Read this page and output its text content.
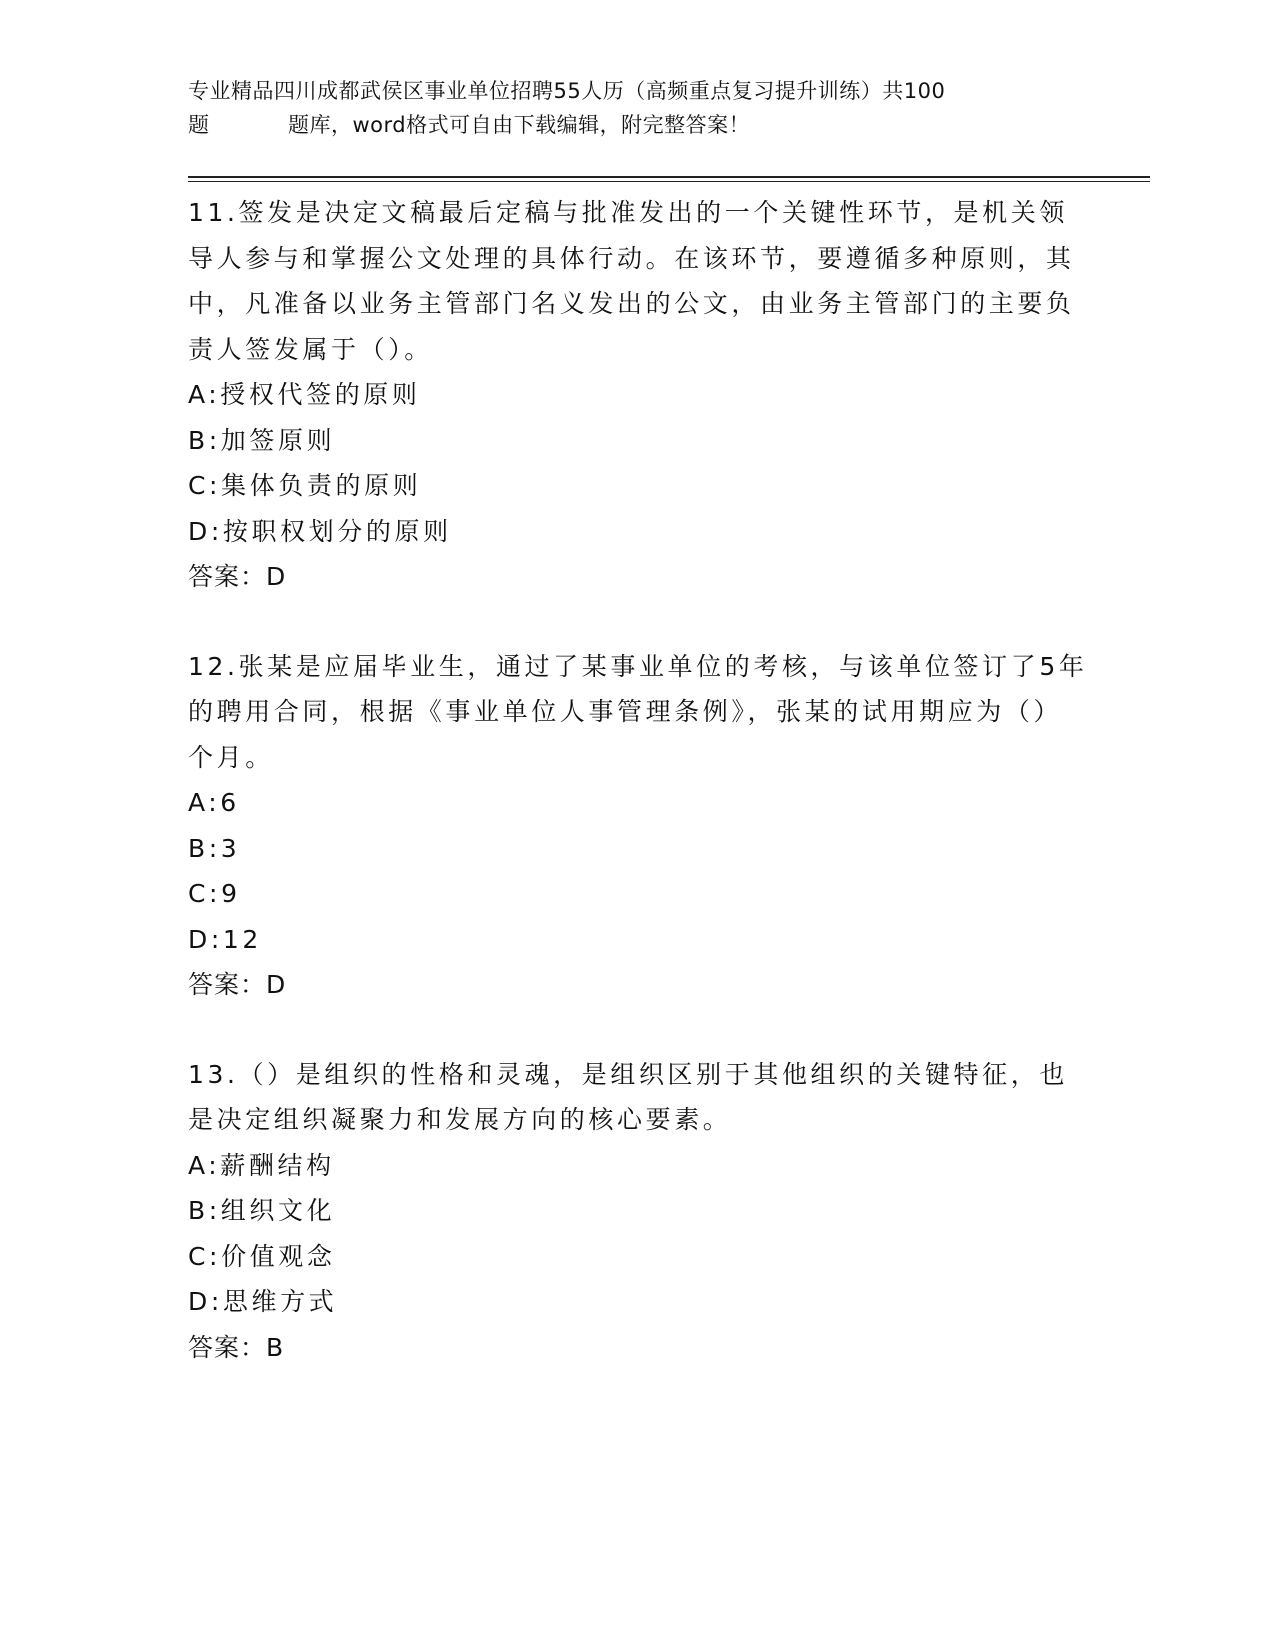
专业精品四川成都武侯区事业单位招聘55人历（高频重点复习提升训练）共100
题	题库，word格式可自由下载编辑，附完整答案！

11.签发是决定文稿最后定稿与批准发出的一个关键性环节，是机关领导人参与和掌握公文处理的具体行动。在该环节，要遵循多种原则，其中，凡准备以业务主管部门名义发出的公文，由业务主管部门的主要负责人签发属于（）。

A: 授权代签的原则
B: 加签原则
C: 集体负责的原则
D: 按职权划分的原则
答案： D

12.张某是应届毕业生，通过了某事业单位的考核，与该单位签订了5年的聘用合同，根据《事业单位人事管理条例》，张某的试用期应为（）个月。

A: 6
B: 3
C: 9
D: 12
答案： D

13.（）是组织的性格和灵魂，是组织区别于其他组织的关键特征，也是决定组织凝聚力和发展方向的核心要素。

A: 薪酬结构
B: 组织文化
C: 价值观念
D: 思维方式
答案： B
